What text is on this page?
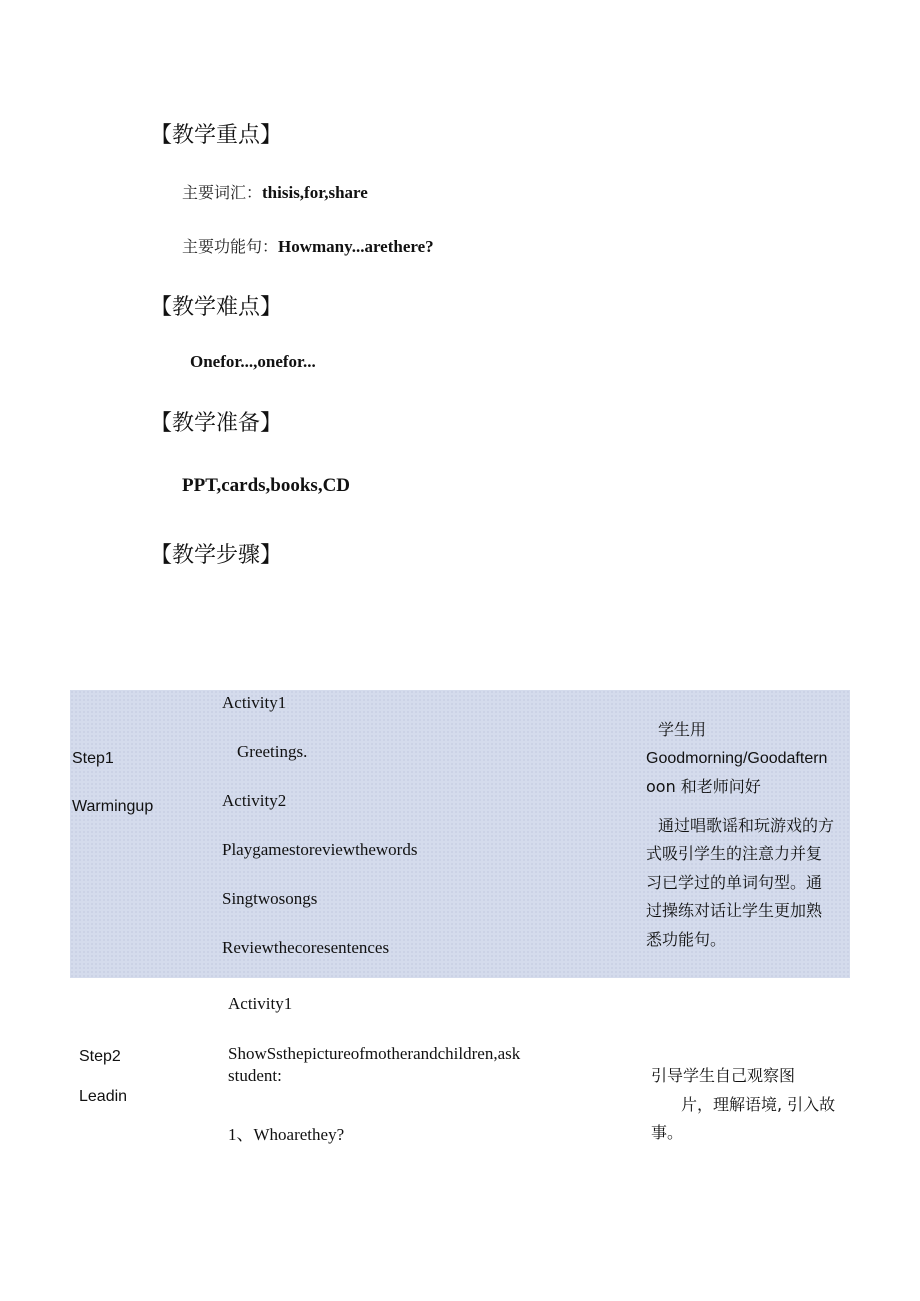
【教学重点】
主要词汇：thisis,for,share
主要功能句：Howmany...arethere?
【教学难点】
Onefor...,onefor...
【教学准备】
PPT,cards,books,CD
【教学步骤】
Step1
Warmingup
Activity1
Greetings.
Activity2
Playgamestoreviewthewords
Singtwosongs
Reviewthecoresentences
学生用
Goodmorning/Goodaftern
oon 和老师问好
通过唱歌谣和玩游戏的方
式吸引学生的注意力并复
习已学过的单词句型。通
过操练对话让学生更加熟
悉功能句。
Step2
Leadin
Activity1
ShowSsthepictureofmotherandchildren,ask
student:
1、Whoarethey?
引导学生自己观察图
片，理解语境, 引入故
事。
